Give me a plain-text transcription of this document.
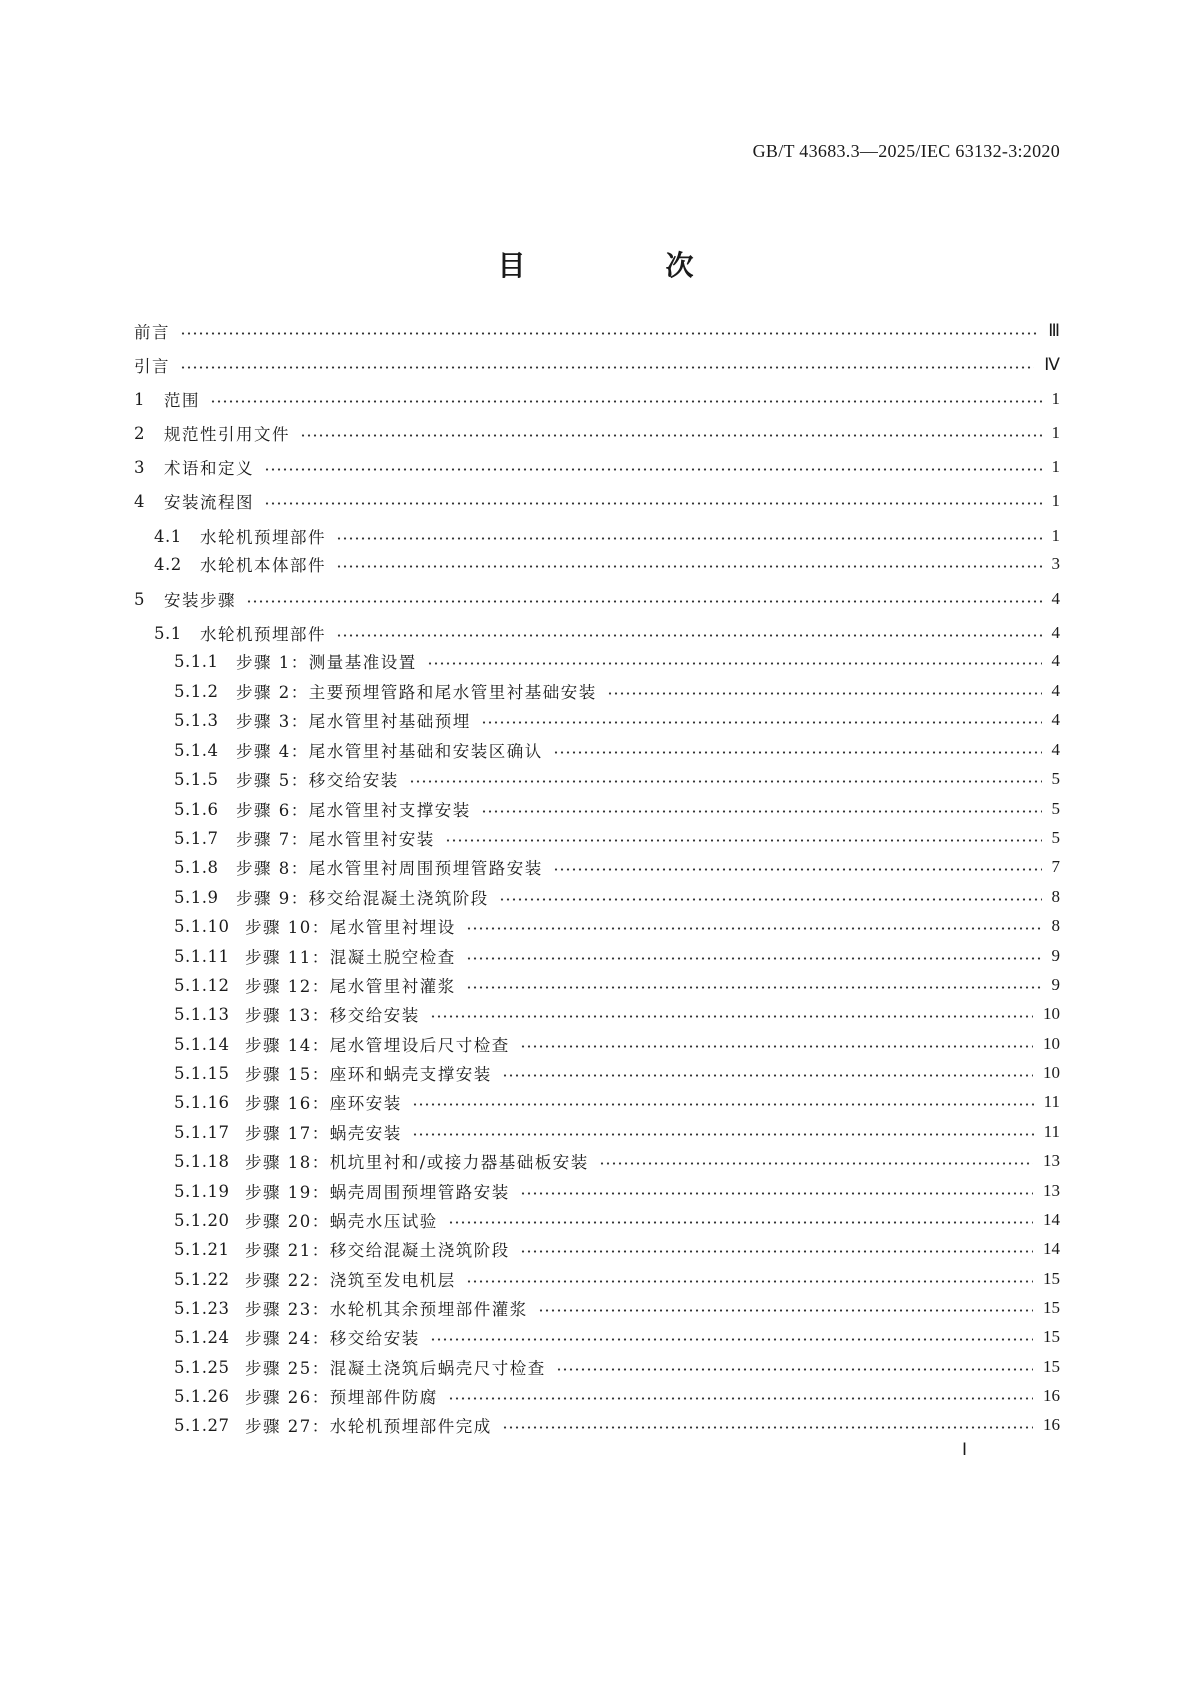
GB/T 43683.3—2025/IEC 63132-3:2020
目　次
前言	Ⅲ
引言	Ⅳ
1	范围	1
2	规范性引用文件	1
3	术语和定义	1
4	安装流程图	1
4.1	水轮机预埋部件	1
4.2	水轮机本体部件	3
5	安装步骤	4
5.1	水轮机预埋部件	4
5.1.1	步骤 1：测量基准设置	4
5.1.2	步骤 2：主要预埋管路和尾水管里衬基础安装	4
5.1.3	步骤 3：尾水管里衬基础预埋	4
5.1.4	步骤 4：尾水管里衬基础和安装区确认	4
5.1.5	步骤 5：移交给安装	5
5.1.6	步骤 6：尾水管里衬支撑安装	5
5.1.7	步骤 7：尾水管里衬安装	5
5.1.8	步骤 8：尾水管里衬周围预埋管路安装	7
5.1.9	步骤 9：移交给混凝土浇筑阶段	8
5.1.10 步骤 10：尾水管里衬埋设	8
5.1.11 步骤 11：混凝土脱空检查	9
5.1.12 步骤 12：尾水管里衬灌浆	9
5.1.13 步骤 13：移交给安装	10
5.1.14 步骤 14：尾水管埋设后尺寸检查	10
5.1.15 步骤 15：座环和蜗壳支撑安装	10
5.1.16 步骤 16：座环安装	11
5.1.17 步骤 17：蜗壳安装	11
5.1.18 步骤 18：机坑里衬和/或接力器基础板安装	13
5.1.19 步骤 19：蜗壳周围预埋管路安装	13
5.1.20 步骤 20：蜗壳水压试验	14
5.1.21 步骤 21：移交给混凝土浇筑阶段	14
5.1.22 步骤 22：浇筑至发电机层	15
5.1.23 步骤 23：水轮机其余预埋部件灌浆	15
5.1.24 步骤 24：移交给安装	15
5.1.25 步骤 25：混凝土浇筑后蜗壳尺寸检查	15
5.1.26 步骤 26：预埋部件防腐	16
5.1.27 步骤 27：水轮机预埋部件完成	16
Ⅰ
